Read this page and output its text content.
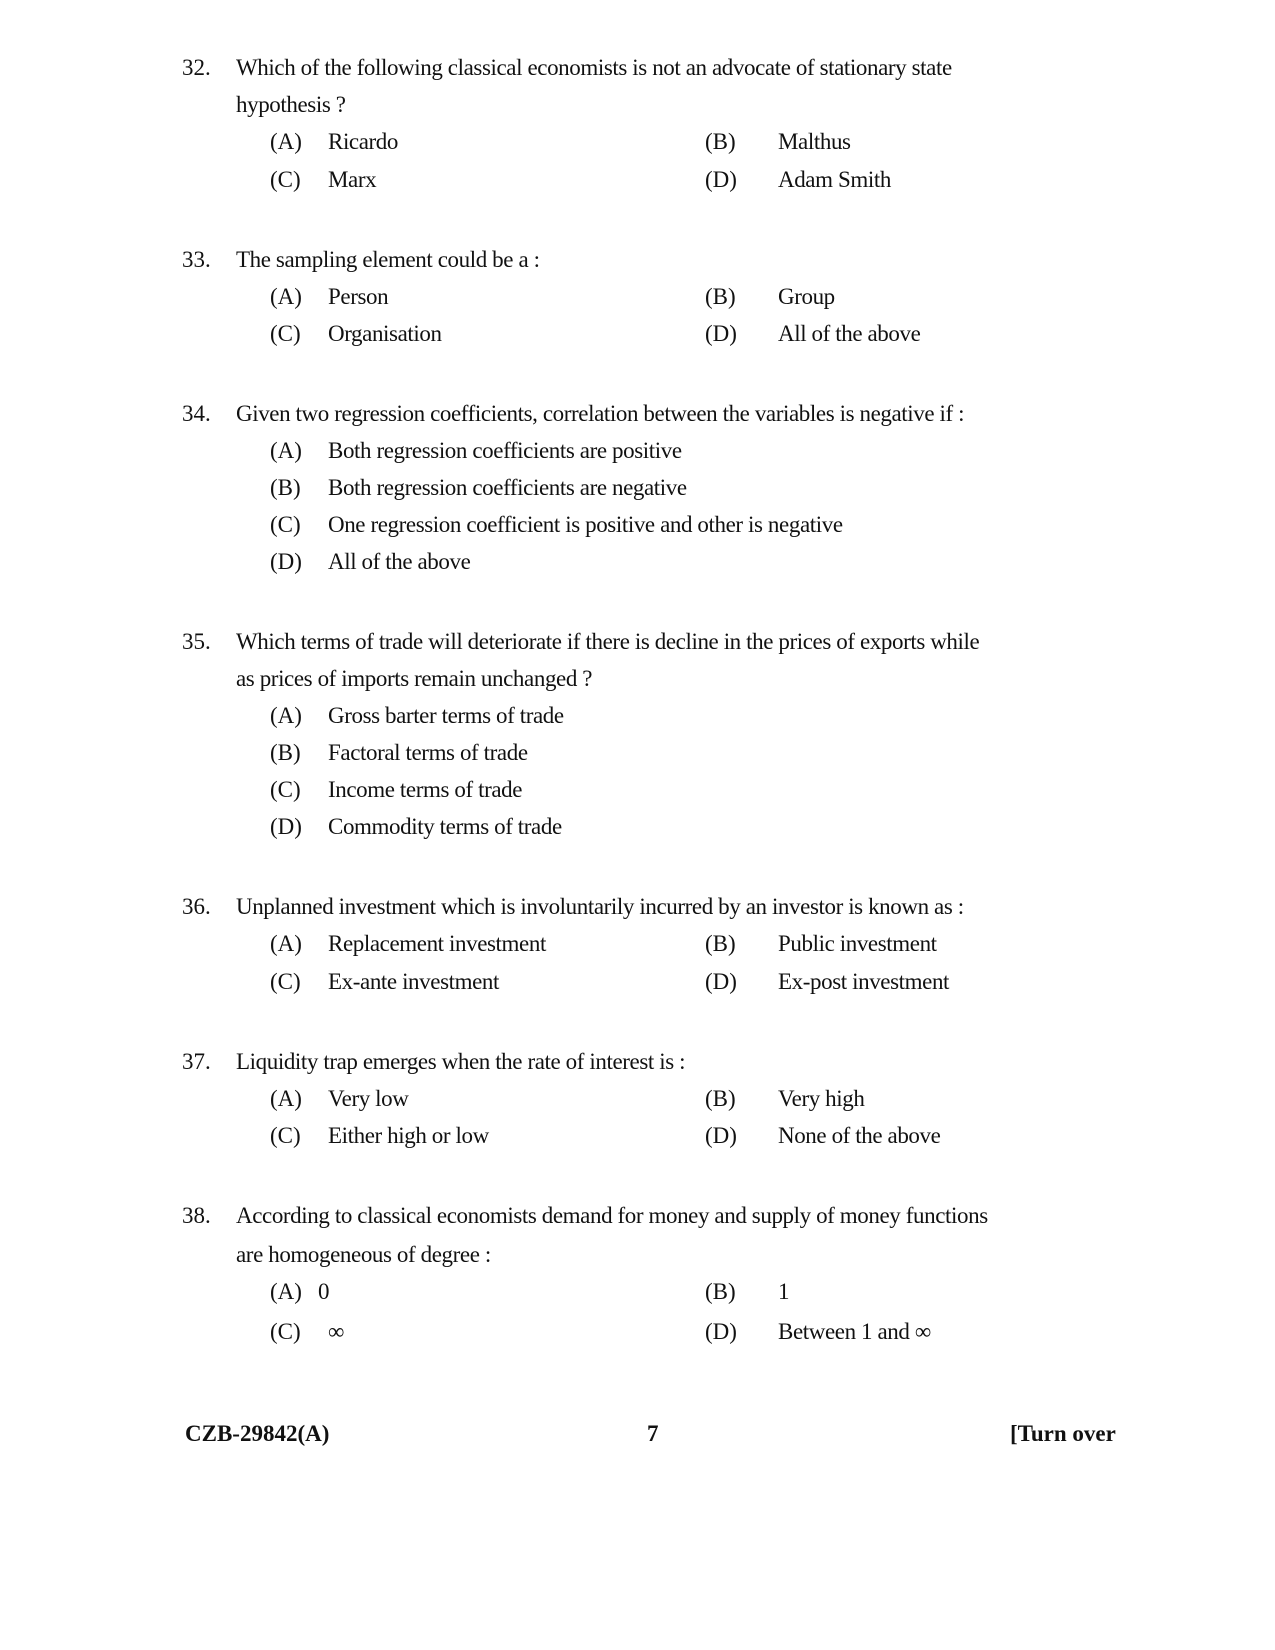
32.	Which of the following classical economists is not an advocate of stationary state
hypothesis ?
(A) Ricardo	(B) Malthus
(C) Marx	(D) Adam Smith
33.	The sampling element could be a :
(A) Person	(B) Group
(C) Organisation	(D) All of the above
34.	Given two regression coefficients, correlation between the variables is negative if :
(A) Both regression coefficients are positive
(B) Both regression coefficients are negative
(C) One regression coefficient is positive and other is negative
(D) All of the above
35.	Which terms of trade will deteriorate if there is decline in the prices of exports while
as prices of imports remain unchanged ?
(A) Gross barter terms of trade
(B) Factoral terms of trade
(C) Income terms of trade
(D) Commodity terms of trade
36.	Unplanned investment which is involuntarily incurred by an investor is known as :
(A) Replacement investment	(B) Public investment
(C) Ex-ante investment	(D) Ex-post investment
37.	Liquidity trap emerges when the rate of interest is :
(A) Very low	(B) Very high
(C) Either high or low	(D) None of the above
38.	According to classical economists demand for money and supply of money functions
are homogeneous of degree :
(A) 0	(B) 1
(C) ∞	(D) Between 1 and ∞
CZB-29842(A)	7	[Turn over
